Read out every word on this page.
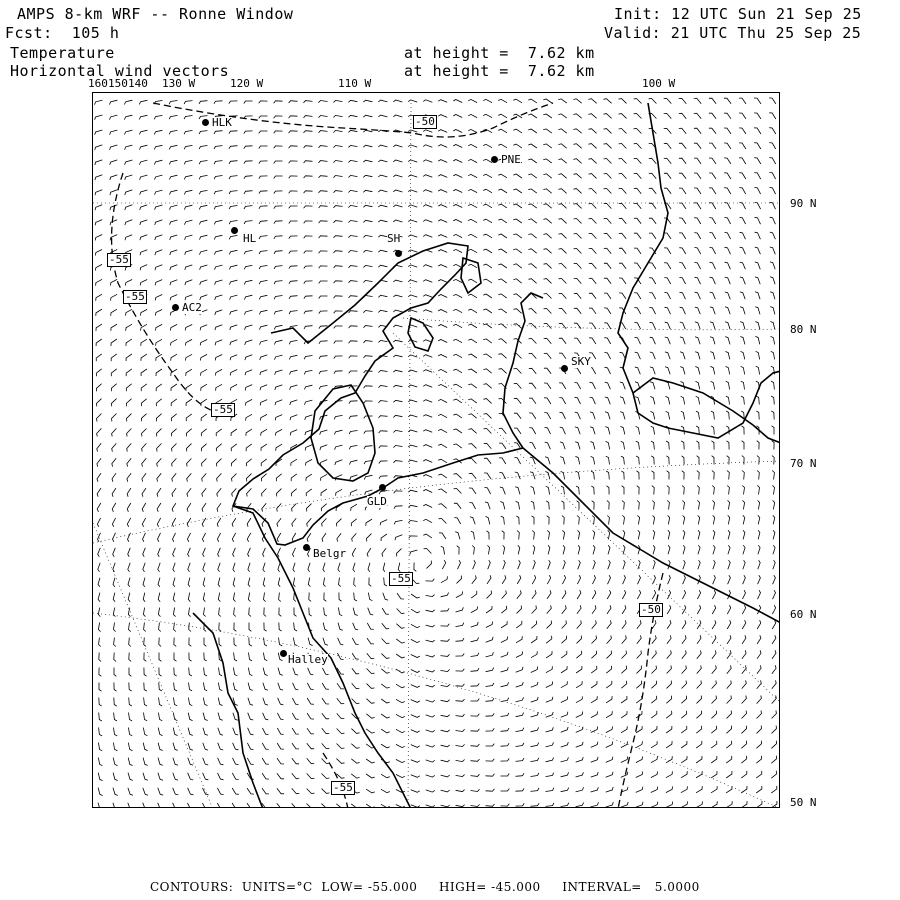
AMPS 8-km WRF -- Ronne Window
Fcst:  105 h
Temperature
Horizontal wind vectors
Init: 12 UTC Sun 21 Sep 25
Valid: 21 UTC Thu 25 Sep 25
at height =  7.62 km
at height =  7.62 km
160 150 140 130 W	120 W	110 W	100 W
90 N
80 N
70 N
60 N
50 N
-50
-55
-55
-55
-55
-55
-50
HLK
PNE
HL	SH
AC2
SKY
GLD
Belgr
Halley
CONTOURS:  UNITS=°C  LOW= -55.000     HIGH= -45.000     INTERVAL=   5.0000
